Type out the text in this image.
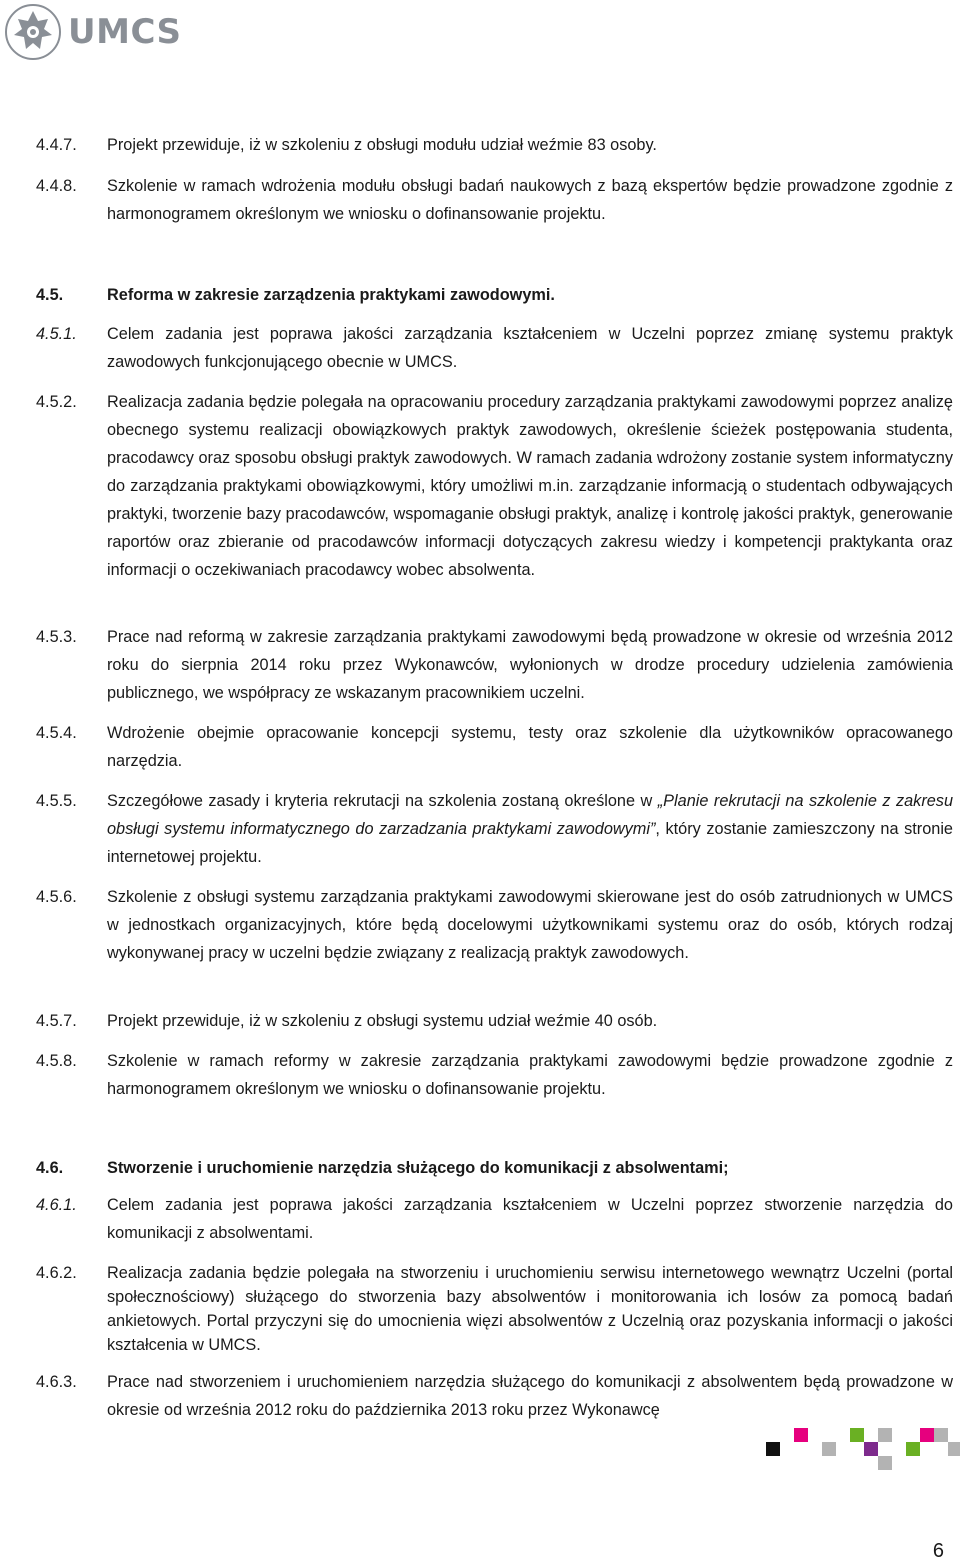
UMCS
4.4.7. Projekt przewiduje, iż w szkoleniu z obsługi modułu udział weźmie 83 osoby.
4.4.8. Szkolenie w ramach wdrożenia modułu obsługi badań naukowych z bazą ekspertów będzie prowadzone zgodnie z harmonogramem określonym we wniosku o dofinansowanie projektu.
4.5.	Reforma w zakresie zarządzenia praktykami zawodowymi.
4.5.1. Celem zadania jest poprawa jakości zarządzania kształceniem w Uczelni poprzez zmianę systemu praktyk zawodowych funkcjonującego obecnie w UMCS.
4.5.2. Realizacja zadania będzie polegała na opracowaniu procedury zarządzania praktykami zawodowymi poprzez analizę obecnego systemu realizacji obowiązkowych praktyk zawodowych, określenie ścieżek postępowania studenta, pracodawcy oraz sposobu obsługi praktyk zawodowych. W ramach zadania wdrożony zostanie system informatyczny do zarządzania praktykami obowiązkowymi, który umożliwi m.in. zarządzanie informacją o studentach odbywających praktyki, tworzenie bazy pracodawców, wspomaganie obsługi praktyk, analizę i kontrolę jakości praktyk, generowanie raportów oraz zbieranie od pracodawców informacji dotyczących zakresu wiedzy i kompetencji praktykanta oraz informacji o oczekiwaniach pracodawcy wobec absolwenta.
4.5.3. Prace nad reformą w zakresie zarządzania praktykami zawodowymi będą prowadzone w okresie od września 2012 roku do sierpnia 2014 roku przez Wykonawców, wyłonionych w drodze procedury udzielenia zamówienia publicznego, we współpracy ze wskazanym pracownikiem uczelni.
4.5.4. Wdrożenie obejmie opracowanie koncepcji systemu, testy oraz szkolenie dla użytkowników opracowanego narzędzia.
4.5.5. Szczegółowe zasady i kryteria rekrutacji na szkolenia zostaną określone w „Planie rekrutacji na szkolenie z zakresu obsługi systemu informatycznego do zarzadzania praktykami zawodowymi”, który zostanie zamieszczony na stronie internetowej projektu.
4.5.6. Szkolenie z obsługi systemu zarządzania praktykami zawodowymi skierowane jest do osób zatrudnionych w UMCS w jednostkach organizacyjnych, które będą docelowymi użytkownikami systemu oraz do osób, których rodzaj wykonywanej pracy w uczelni będzie związany z realizacją praktyk zawodowych.
4.5.7. Projekt przewiduje, iż w szkoleniu z obsługi systemu udział weźmie 40 osób.
4.5.8. Szkolenie w ramach reformy w zakresie zarządzania praktykami zawodowymi będzie prowadzone zgodnie z harmonogramem określonym we wniosku o dofinansowanie projektu.
4.6.	Stworzenie i uruchomienie narzędzia służącego do komunikacji z absolwentami;
4.6.1. Celem zadania jest poprawa jakości zarządzania kształceniem w Uczelni poprzez stworzenie narzędzia do komunikacji z absolwentami.
4.6.2. Realizacja zadania będzie polegała na stworzeniu i uruchomieniu serwisu internetowego wewnątrz Uczelni (portal społecznościowy) służącego do stworzenia bazy absolwentów i monitorowania ich losów za pomocą badań ankietowych. Portal przyczyni się do umocnienia więzi absolwentów z Uczelnią oraz pozyskania informacji o jakości kształcenia w UMCS.
4.6.3. Prace nad stworzeniem i uruchomieniem narzędzia służącego do komunikacji z absolwentem będą prowadzone w okresie od września 2012 roku do października 2013 roku przez Wykonawcę
6
